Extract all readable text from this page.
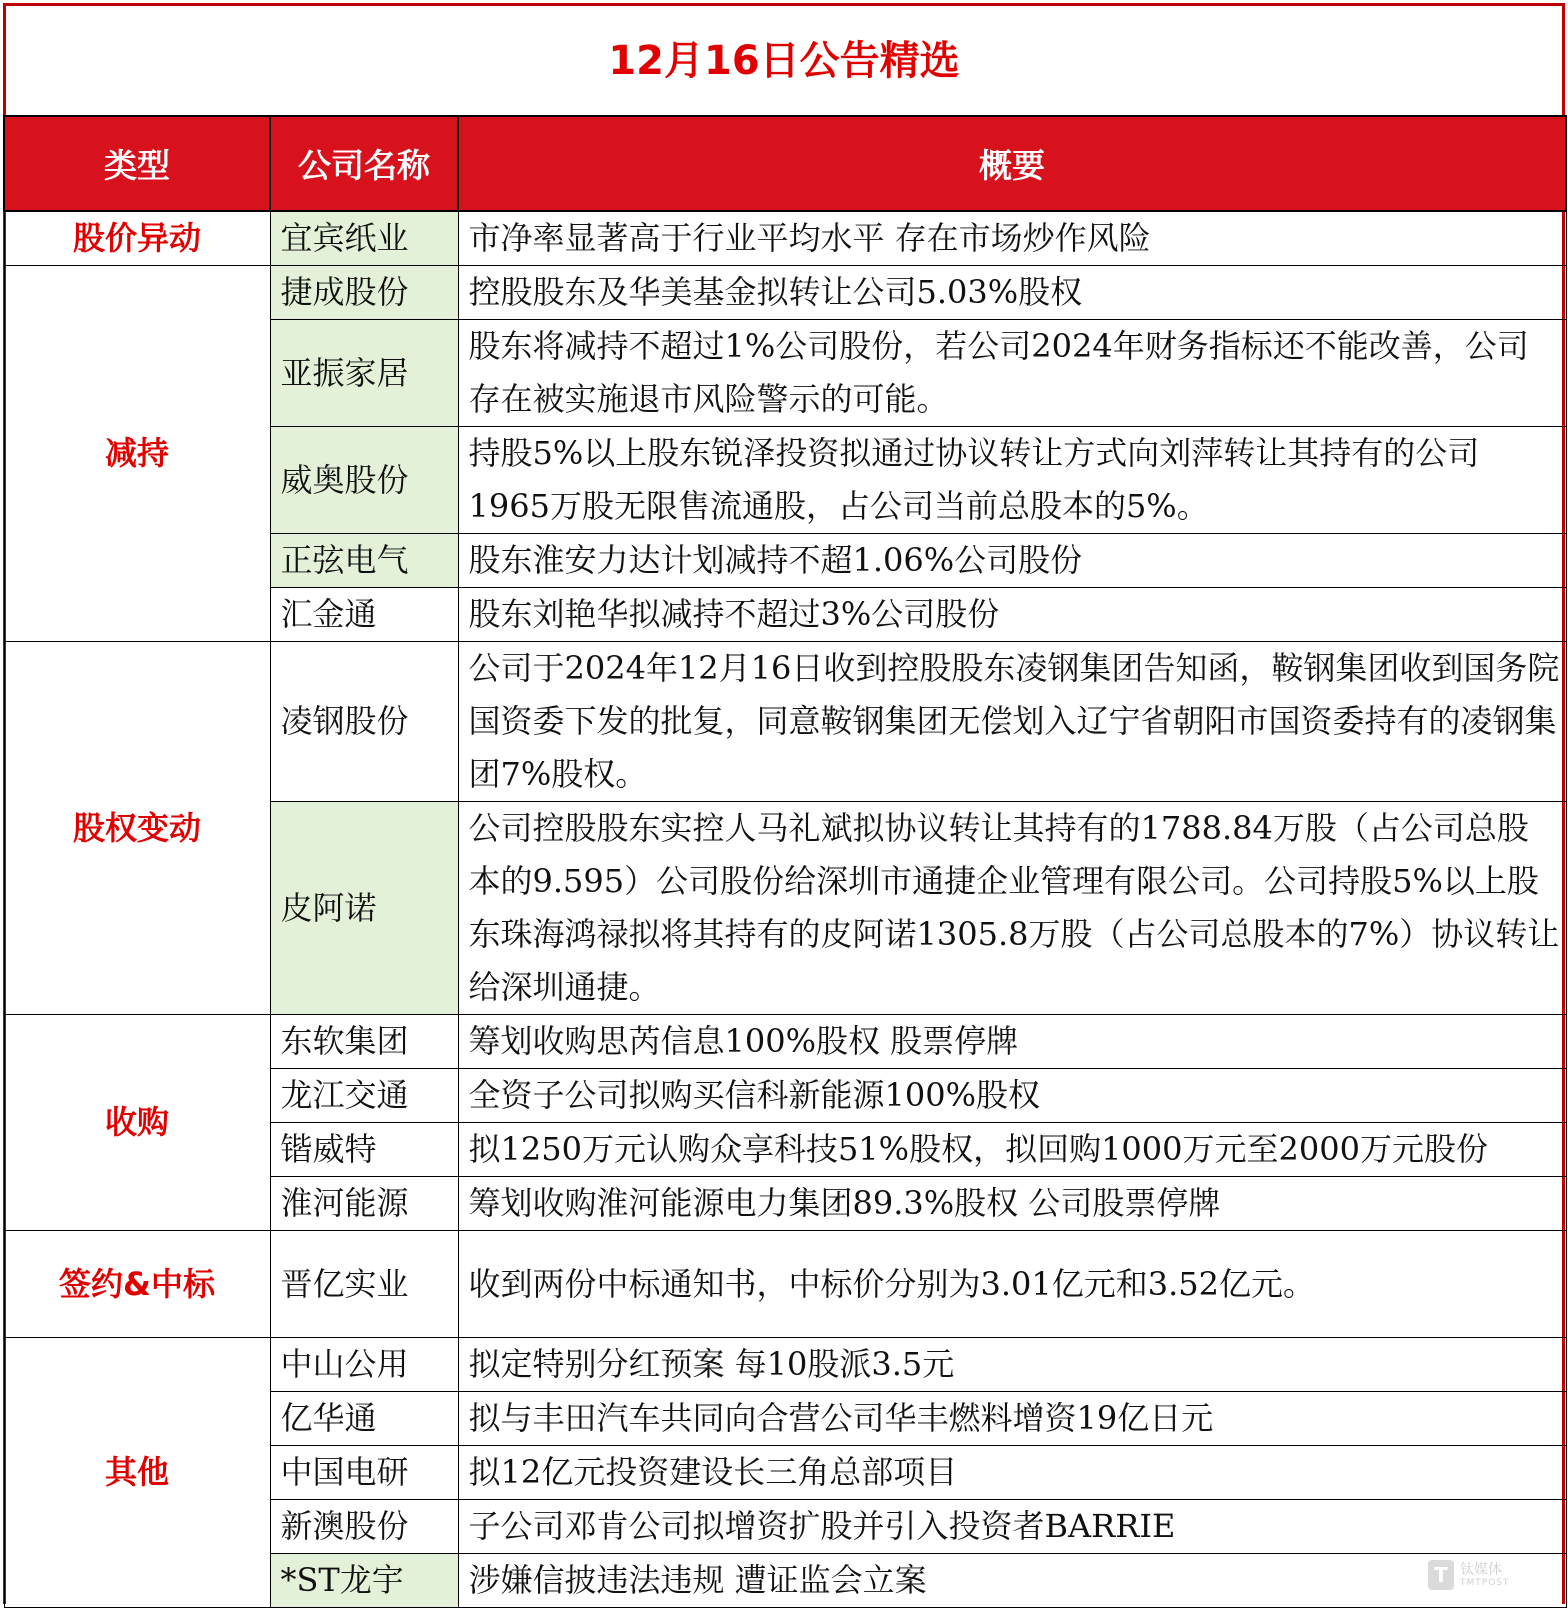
12月16日公告精选
类型	公司名称	概要
股价异动	宜宾纸业	市净率显著高于行业平均水平 存在市场炒作风险
减持	捷成股份	控股股东及华美基金拟转让公司5.03%股权
	亚振家居	股东将减持不超过1%公司股份，若公司2024年财务指标还不能改善，公司存在被实施退市风险警示的可能。
	威奥股份	持股5%以上股东锐泽投资拟通过协议转让方式向刘萍转让其持有的公司1965万股无限售流通股，占公司当前总股本的5%。
	正弦电气	股东淮安力达计划减持不超1.06%公司股份
	汇金通	股东刘艳华拟减持不超过3%公司股份
股权变动	凌钢股份	公司于2024年12月16日收到控股股东凌钢集团告知函，鞍钢集团收到国务院国资委下发的批复，同意鞍钢集团无偿划入辽宁省朝阳市国资委持有的凌钢集团7%股权。
	皮阿诺	公司控股股东实控人马礼斌拟协议转让其持有的1788.84万股（占公司总股本的9.595）公司股份给深圳市通捷企业管理有限公司。公司持股5%以上股东珠海鸿禄拟将其持有的皮阿诺1305.8万股（占公司总股本的7%）协议转让给深圳通捷。
收购	东软集团	筹划收购思芮信息100%股权 股票停牌
	龙江交通	全资子公司拟购买信科新能源100%股权
	锴威特	拟1250万元认购众享科技51%股权，拟回购1000万元至2000万元股份
	淮河能源	筹划收购淮河能源电力集团89.3%股权 公司股票停牌
签约&中标	晋亿实业	收到两份中标通知书，中标价分别为3.01亿元和3.52亿元。
其他	中山公用	拟定特别分红预案 每10股派3.5元
	亿华通	拟与丰田汽车共同向合营公司华丰燃料增资19亿日元
	中国电研	拟12亿元投资建设长三角总部项目
	新澳股份	子公司邓肯公司拟增资扩股并引入投资者BARRIE
	*ST龙宇	涉嫌信披违法违规 遭证监会立案	T 钛媒体
TMTPOST
